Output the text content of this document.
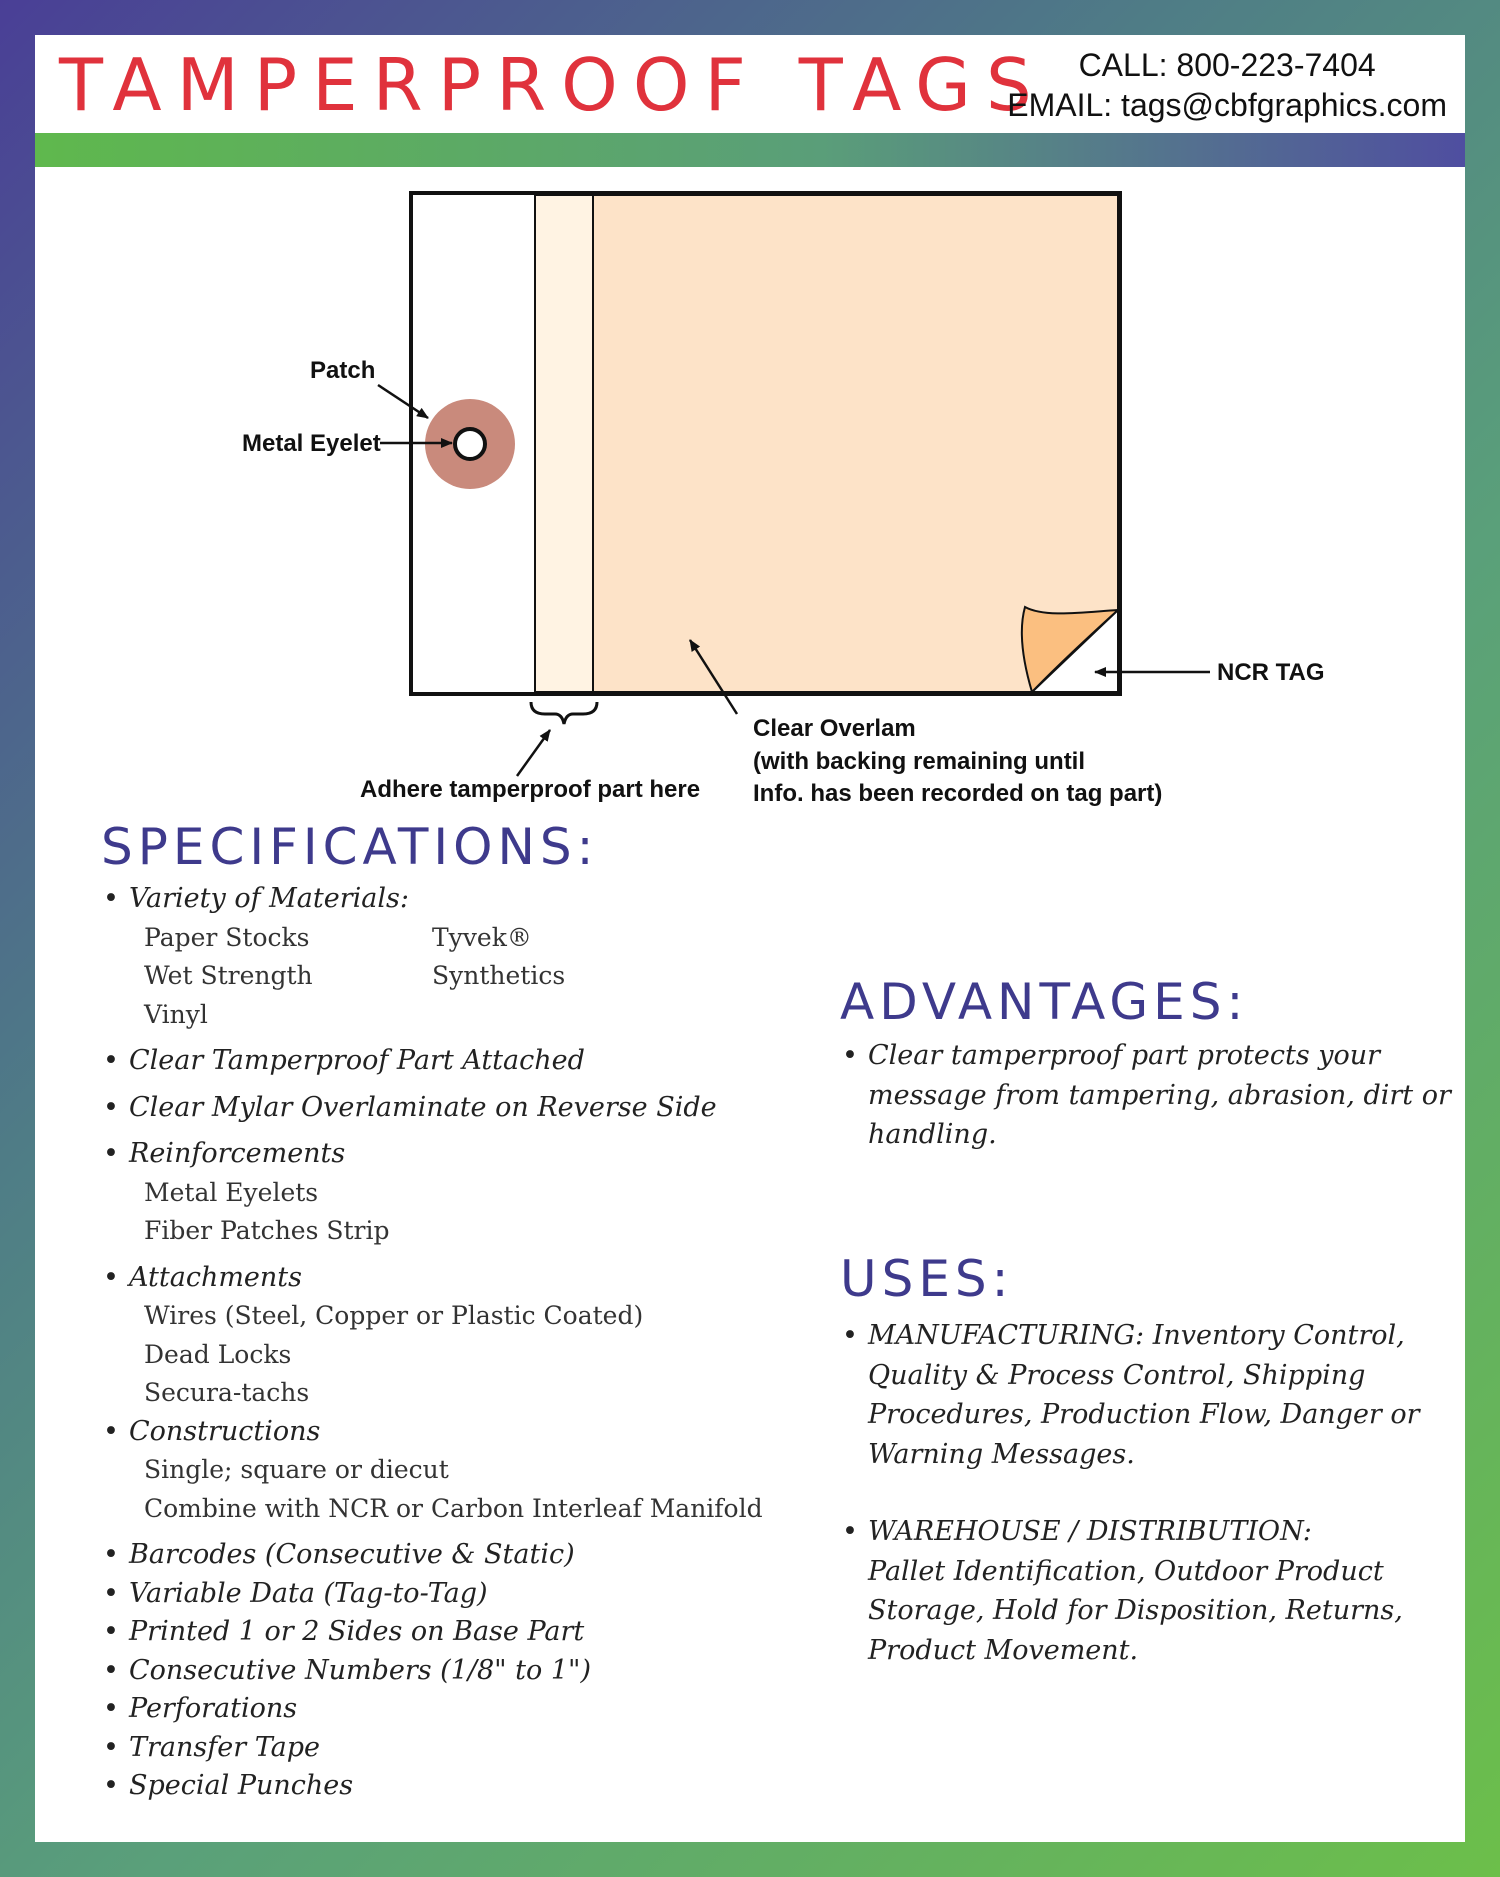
TAMPERPROOF TAGS CALL: 800-223-7404
EMAIL: tags@cbfgraphics.com
Patch
Metal Eyelet
NCR TAG
Adhere tamperproof part here
Clear Overlam
(with backing remaining until
Info. has been recorded on tag part)
SPECIFICATIONS:
• Variety of Materials:
Paper Stocks	Tyvek®
Wet Strength	Synthetics
Vinyl
• Clear Tamperproof Part Attached
• Clear Mylar Overlaminate on Reverse Side
• Reinforcements
Metal Eyelets
Fiber Patches Strip
• Attachments
Wires (Steel, Copper or Plastic Coated)
Dead Locks
Secura-tachs
• Constructions
Single; square or diecut
Combine with NCR or Carbon Interleaf Manifold
• Barcodes (Consecutive & Static)
• Variable Data (Tag-to-Tag)
• Printed 1 or 2 Sides on Base Part
• Consecutive Numbers (1/8" to 1")
• Perforations
• Transfer Tape
• Special Punches
ADVANTAGES:
• Clear tamperproof part protects your
message from tampering, abrasion, dirt or
handling.
USES:
• MANUFACTURING: Inventory Control,
Quality & Process Control, Shipping
Procedures, Production Flow, Danger or
Warning Messages.
• WAREHOUSE / DISTRIBUTION:
Pallet Identification, Outdoor Product
Storage, Hold for Disposition, Returns,
Product Movement.
